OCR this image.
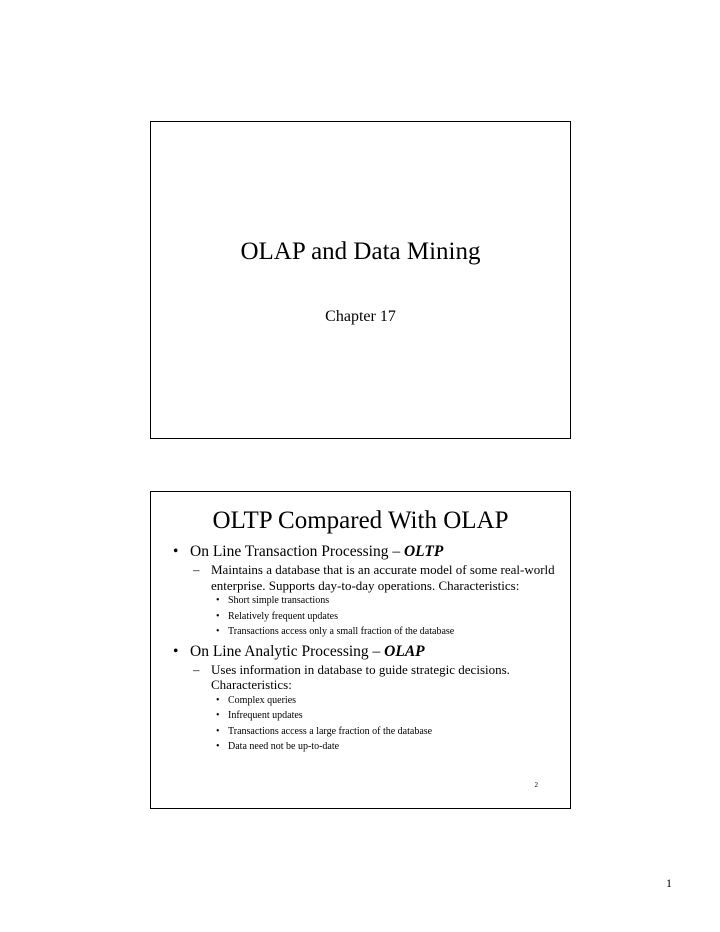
OLAP and Data Mining
Chapter 17
OLTP Compared With OLAP
• On Line Transaction Processing – OLTP
– Maintains a database that is an accurate model of some real-world enterprise. Supports day-to-day operations. Characteristics:
• Short simple transactions
• Relatively frequent updates
• Transactions access only a small fraction of the database
• On Line Analytic Processing – OLAP
– Uses information in database to guide strategic decisions. Characteristics:
• Complex queries
• Infrequent updates
• Transactions access a large fraction of the database
• Data need not be up-to-date
2
1
